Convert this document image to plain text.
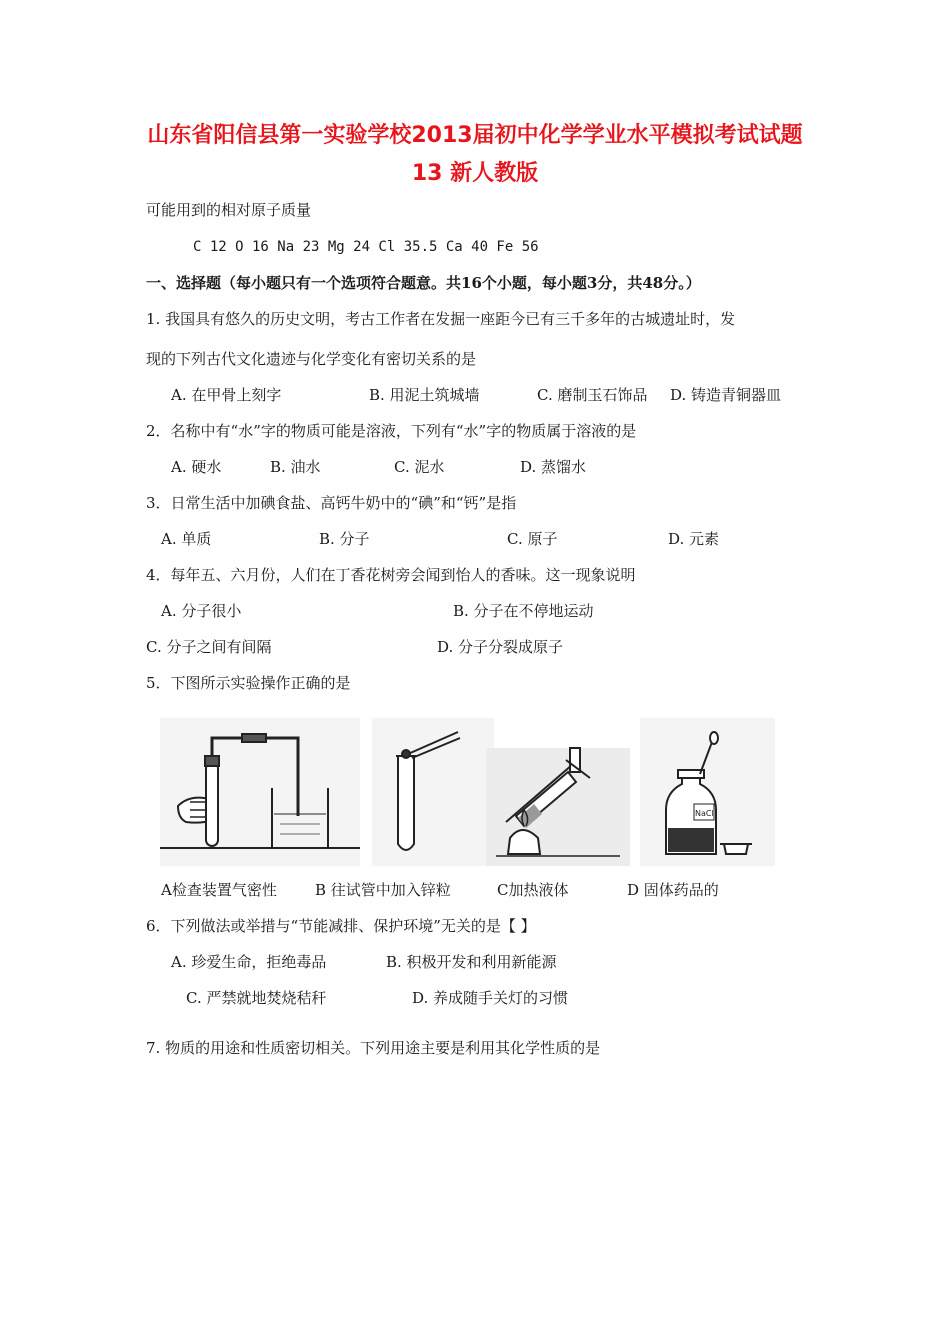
山东省阳信县第一实验学校2013届初中化学学业水平模拟考试试题
13 新人教版
可能用到的相对原子质量
C 12 O 16 Na 23 Mg 24 Cl 35.5 Ca 40 Fe 56
一、选择题（每小题只有一个选项符合题意。共16个小题，每小题3分，共48分。）
1. 我国具有悠久的历史文明，考古工作者在发掘一座距今已有三千多年的古城遗址时，发
现的下列古代文化遗迹与化学变化有密切关系的是
A. 在甲骨上刻字	B. 用泥土筑城墙	C. 磨制玉石饰品 D. 铸造青铜器皿
2．名称中有“水”字的物质可能是溶液，下列有“水”字的物质属于溶液的是
A. 硬水	B. 油水	C. 泥水	D. 蒸馏水
3．日常生活中加碘食盐、高钙牛奶中的“碘”和“钙”是指
A. 单质	B. 分子	C. 原子	D. 元素
4．每年五、六月份，人们在丁香花树旁会闻到怡人的香味。这一现象说明
A. 分子很小	B. 分子在不停地运动
C. 分子之间有间隔	D. 分子分裂成原子
5．下图所示实验操作正确的是
NaCl
A检查装置气密性	B 往试管中加入锌粒	C加热液体	D 固体药品的
6．下列做法或举措与“节能减排、保护环境”无关的是【 】
A. 珍爱生命，拒绝毒品	B. 积极开发和利用新能源
C. 严禁就地焚烧秸秆	D. 养成随手关灯的习惯
7. 物质的用途和性质密切相关。下列用途主要是利用其化学性质的是
